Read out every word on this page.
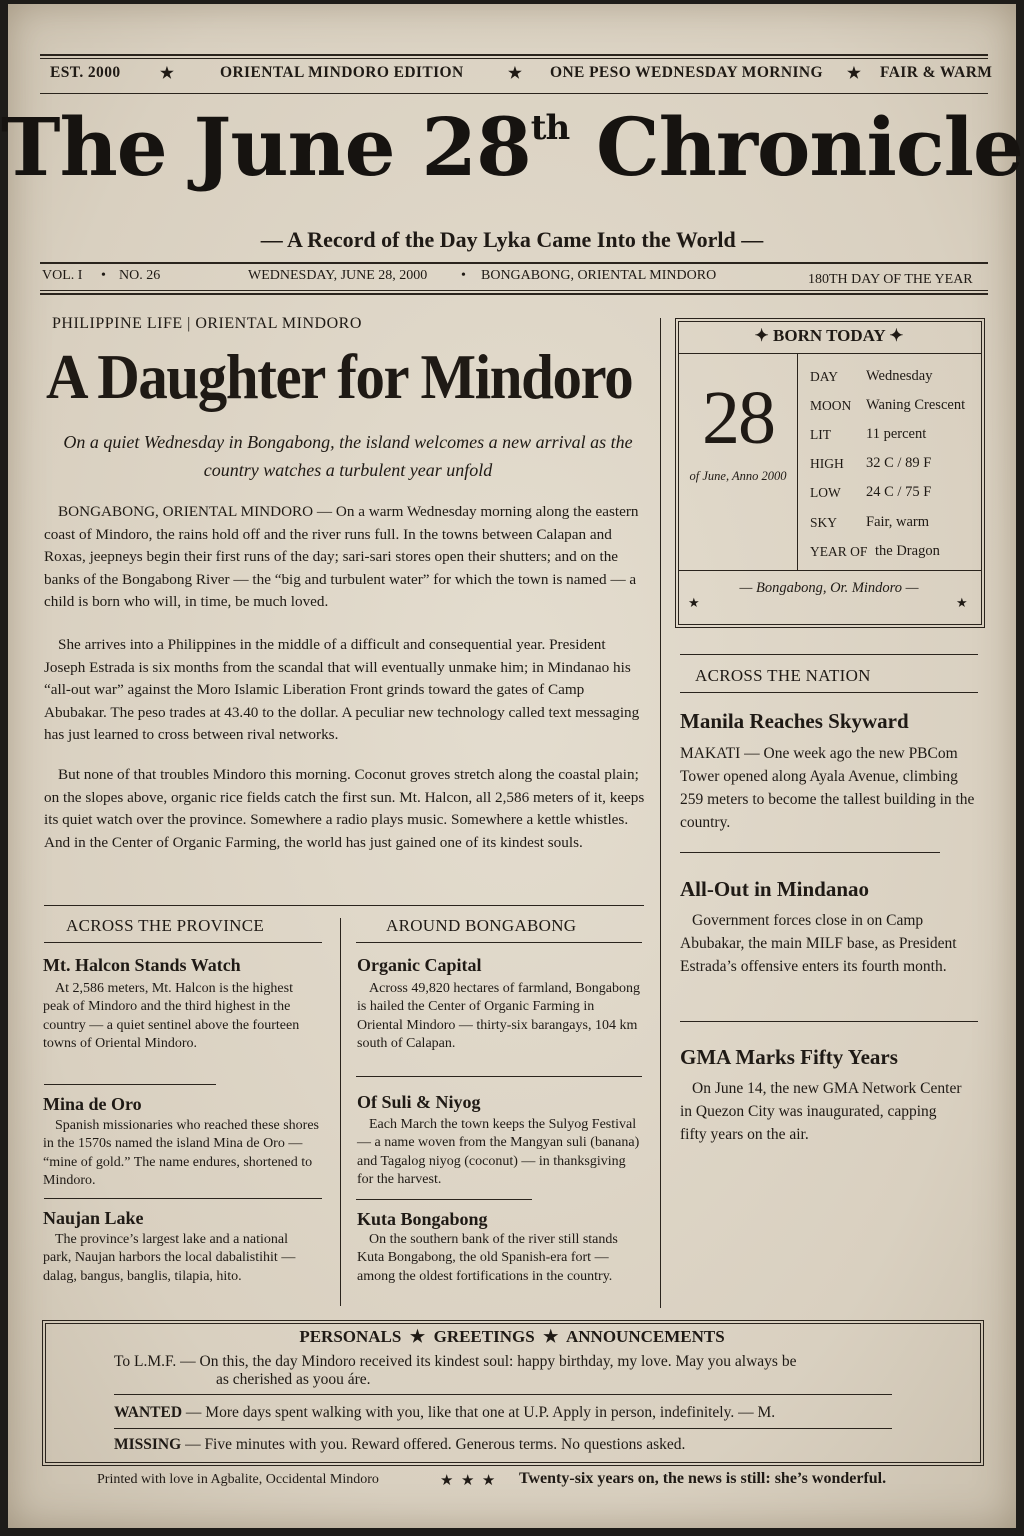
EST. 2000	★	ORIENTAL MINDORO EDITION	★ ONE PESO WEDNESDAY MORNING ★ FAIR & WARM
The June 28th Chronicle
— A Record of the Day Lyka Came Into the World —
VOL. I • NO. 26	WEDNESDAY, JUNE 28, 2000 • BONGABONG, ORIENTAL MINDORO	180TH DAY OF THE YEAR
PHILIPPINE LIFE | ORIENTAL MINDORO
A Daughter for Mindoro
On a quiet Wednesday in Bongabong, the island welcomes a new arrival as the country watches a turbulent year unfold
BONGABONG, ORIENTAL MINDORO — On a warm Wednesday morning along the eastern coast of Mindoro, the rains hold off and the river runs full. In the towns between Calapan and Roxas, jeepneys begin their first runs of the day; sari-sari stores open their shutters; and on the banks of the Bongabong River — the “big and turbulent water” for which the town is named — a child is born who will, in time, be much loved.
She arrives into a Philippines in the middle of a difficult and consequential year. President Joseph Estrada is six months from the scandal that will eventually unmake him; in Mindanao his “all-out war” against the Moro Islamic Liberation Front grinds toward the gates of Camp Abubakar. The peso trades at 43.40 to the dollar. A peculiar new technology called text messaging has just learned to cross between rival networks.
But none of that troubles Mindoro this morning. Coconut groves stretch along the coastal plain; on the slopes above, organic rice fields catch the first sun. Mt. Halcon, all 2,586 meters of it, keeps its quiet watch over the province. Somewhere a radio plays music. Somewhere a kettle whistles. And in the Center of Organic Farming, the world has just gained one of its kindest souls.
ACROSS THE PROVINCE
Mt. Halcon Stands Watch
At 2,586 meters, Mt. Halcon is the highest peak of Mindoro and the third highest in the country — a quiet sentinel above the fourteen towns of Oriental Mindoro.
Mina de Oro
Spanish missionaries who reached these shores in the 1570s named the island Mina de Oro — “mine of gold.” The name endures, shortened to Mindoro.
Naujan Lake
The province’s largest lake and a national park, Naujan harbors the local dabalistihit — dalag, bangus, banglis, tilapia, hito.
AROUND BONGABONG
Organic Capital
Across 49,820 hectares of farmland, Bongabong is hailed the Center of Organic Farming in Oriental Mindoro — thirty-six barangays, 104 km south of Calapan.
Of Suli & Niyog
Each March the town keeps the Sulyog Festival — a name woven from the Mangyan suli (banana) and Tagalog niyog (coconut) — in thanksgiving for the harvest.
Kuta Bongabong
On the southern bank of the river still stands Kuta Bongabong, the old Spanish-era fort — among the oldest fortifications in the country.
✦ BORN TODAY ✦
28
of June, Anno 2000
DAY Wednesday
MOON Waning Crescent
LIT 11 percent
HIGH 32 C / 89 F
LOW 24 C / 75 F
SKY Fair, warm
YEAR OF the Dragon
— Bongabong, Or. Mindoro —
★	★
ACROSS THE NATION
Manila Reaches Skyward
MAKATI — One week ago the new PBCom Tower opened along Ayala Avenue, climbing 259 meters to become the tallest building in the country.
All-Out in Mindanao
Government forces close in on Camp Abubakar, the main MILF base, as President Estrada’s offensive enters its fourth month.
GMA Marks Fifty Years
On June 14, the new GMA Network Center in Quezon City was inaugurated, capping fifty years on the air.
PERSONALS  ★  GREETINGS  ★  ANNOUNCEMENTS
To L.M.F. — On this, the day Mindoro received its kindest soul: happy birthday, my love. May you always be
as cherished as yoou áre.
WANTED — More days spent walking with you, like that one at U.P. Apply in person, indefinitely. — M.
MISSING — Five minutes with you. Reward offered. Generous terms. No questions asked.
Printed with love in Agbalite, Occidental Mindoro	★  ★  ★ Twenty-six years on, the news is still: she’s wonderful.
